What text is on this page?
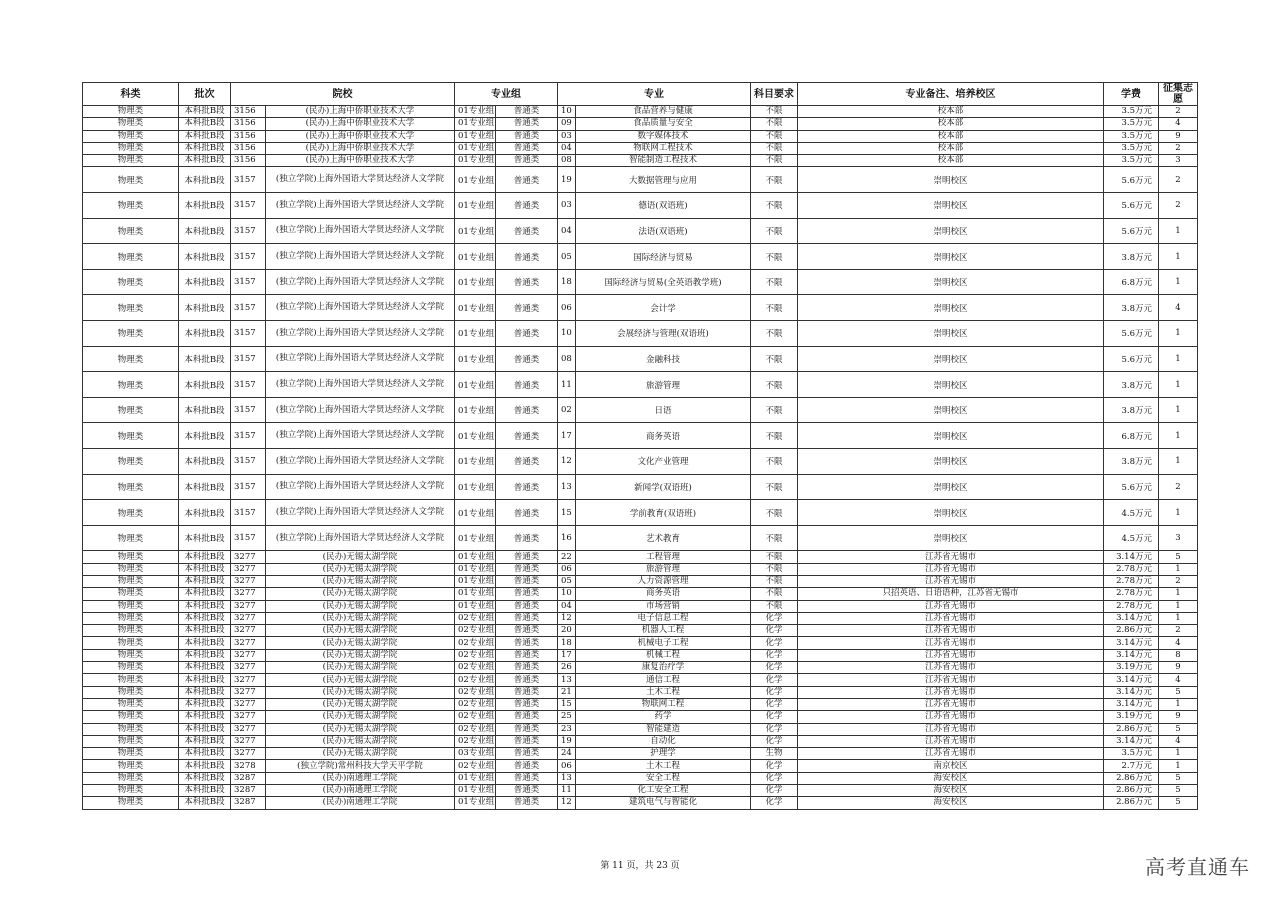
科类	批次	院校		专业组		专业		科目要求	专业备注、培养校区	学费	征集志愿
物理类	本科批B段	3156	(民办)上海中侨职业技术大学	01专业组	普通类	10	食品营养与健康	不限	校本部	3.5万元	2
物理类	本科批B段	3156	(民办)上海中侨职业技术大学	01专业组	普通类	09	食品质量与安全	不限	校本部	3.5万元	4
物理类	本科批B段	3156	(民办)上海中侨职业技术大学	01专业组	普通类	03	数字媒体技术	不限	校本部	3.5万元	9
物理类	本科批B段	3156	(民办)上海中侨职业技术大学	01专业组	普通类	04	物联网工程技术	不限	校本部	3.5万元	2
物理类	本科批B段	3156	(民办)上海中侨职业技术大学	01专业组	普通类	08	智能制造工程技术	不限	校本部	3.5万元	3
物理类	本科批B段	3157	(独立学院)上海外国语大学贤达经济人文学院	01专业组	普通类	19	大数据管理与应用	不限	崇明校区	5.6万元	2
物理类	本科批B段	3157	(独立学院)上海外国语大学贤达经济人文学院	01专业组	普通类	03	德语(双语班)	不限	崇明校区	5.6万元	2
物理类	本科批B段	3157	(独立学院)上海外国语大学贤达经济人文学院	01专业组	普通类	04	法语(双语班)	不限	崇明校区	5.6万元	1
物理类	本科批B段	3157	(独立学院)上海外国语大学贤达经济人文学院	01专业组	普通类	05	国际经济与贸易	不限	崇明校区	3.8万元	1
物理类	本科批B段	3157	(独立学院)上海外国语大学贤达经济人文学院	01专业组	普通类	18	国际经济与贸易(全英语教学班)	不限	崇明校区	6.8万元	1
物理类	本科批B段	3157	(独立学院)上海外国语大学贤达经济人文学院	01专业组	普通类	06	会计学	不限	崇明校区	3.8万元	4
物理类	本科批B段	3157	(独立学院)上海外国语大学贤达经济人文学院	01专业组	普通类	10	会展经济与管理(双语班)	不限	崇明校区	5.6万元	1
物理类	本科批B段	3157	(独立学院)上海外国语大学贤达经济人文学院	01专业组	普通类	08	金融科技	不限	崇明校区	5.6万元	1
物理类	本科批B段	3157	(独立学院)上海外国语大学贤达经济人文学院	01专业组	普通类	11	旅游管理	不限	崇明校区	3.8万元	1
物理类	本科批B段	3157	(独立学院)上海外国语大学贤达经济人文学院	01专业组	普通类	02	日语	不限	崇明校区	3.8万元	1
物理类	本科批B段	3157	(独立学院)上海外国语大学贤达经济人文学院	01专业组	普通类	17	商务英语	不限	崇明校区	6.8万元	1
物理类	本科批B段	3157	(独立学院)上海外国语大学贤达经济人文学院	01专业组	普通类	12	文化产业管理	不限	崇明校区	3.8万元	1
物理类	本科批B段	3157	(独立学院)上海外国语大学贤达经济人文学院	01专业组	普通类	13	新闻学(双语班)	不限	崇明校区	5.6万元	2
物理类	本科批B段	3157	(独立学院)上海外国语大学贤达经济人文学院	01专业组	普通类	15	学前教育(双语班)	不限	崇明校区	4.5万元	1
物理类	本科批B段	3157	(独立学院)上海外国语大学贤达经济人文学院	01专业组	普通类	16	艺术教育	不限	崇明校区	4.5万元	3
物理类	本科批B段	3277	(民办)无锡太湖学院	01专业组	普通类	22	工程管理	不限	江苏省无锡市	3.14万元	5
物理类	本科批B段	3277	(民办)无锡太湖学院	01专业组	普通类	06	旅游管理	不限	江苏省无锡市	2.78万元	1
物理类	本科批B段	3277	(民办)无锡太湖学院	01专业组	普通类	05	人力资源管理	不限	江苏省无锡市	2.78万元	2
物理类	本科批B段	3277	(民办)无锡太湖学院	01专业组	普通类	10	商务英语	不限	只招英语、日语语种，江苏省无锡市	2.78万元	1
物理类	本科批B段	3277	(民办)无锡太湖学院	01专业组	普通类	04	市场营销	不限	江苏省无锡市	2.78万元	1
物理类	本科批B段	3277	(民办)无锡太湖学院	02专业组	普通类	12	电子信息工程	化学	江苏省无锡市	3.14万元	1
物理类	本科批B段	3277	(民办)无锡太湖学院	02专业组	普通类	20	机器人工程	化学	江苏省无锡市	2.86万元	2
物理类	本科批B段	3277	(民办)无锡太湖学院	02专业组	普通类	18	机械电子工程	化学	江苏省无锡市	3.14万元	4
物理类	本科批B段	3277	(民办)无锡太湖学院	02专业组	普通类	17	机械工程	化学	江苏省无锡市	3.14万元	8
物理类	本科批B段	3277	(民办)无锡太湖学院	02专业组	普通类	26	康复治疗学	化学	江苏省无锡市	3.19万元	9
物理类	本科批B段	3277	(民办)无锡太湖学院	02专业组	普通类	13	通信工程	化学	江苏省无锡市	3.14万元	4
物理类	本科批B段	3277	(民办)无锡太湖学院	02专业组	普通类	21	土木工程	化学	江苏省无锡市	3.14万元	5
物理类	本科批B段	3277	(民办)无锡太湖学院	02专业组	普通类	15	物联网工程	化学	江苏省无锡市	3.14万元	1
物理类	本科批B段	3277	(民办)无锡太湖学院	02专业组	普通类	25	药学	化学	江苏省无锡市	3.19万元	9
物理类	本科批B段	3277	(民办)无锡太湖学院	02专业组	普通类	23	智能建造	化学	江苏省无锡市	2.86万元	5
物理类	本科批B段	3277	(民办)无锡太湖学院	02专业组	普通类	19	自动化	化学	江苏省无锡市	3.14万元	4
物理类	本科批B段	3277	(民办)无锡太湖学院	03专业组	普通类	24	护理学	生物	江苏省无锡市	3.5万元	1
物理类	本科批B段	3278	(独立学院)常州科技大学天平学院	02专业组	普通类	06	土木工程	化学	南京校区	2.7万元	1
物理类	本科批B段	3287	(民办)南通理工学院	01专业组	普通类	13	安全工程	化学	海安校区	2.86万元	5
物理类	本科批B段	3287	(民办)南通理工学院	01专业组	普通类	11	化工安全工程	化学	海安校区	2.86万元	5
物理类	本科批B段	3287	(民办)南通理工学院	01专业组	普通类	12	建筑电气与智能化	化学	海安校区	2.86万元	5
第 11 页，共 23 页	高考直通车
